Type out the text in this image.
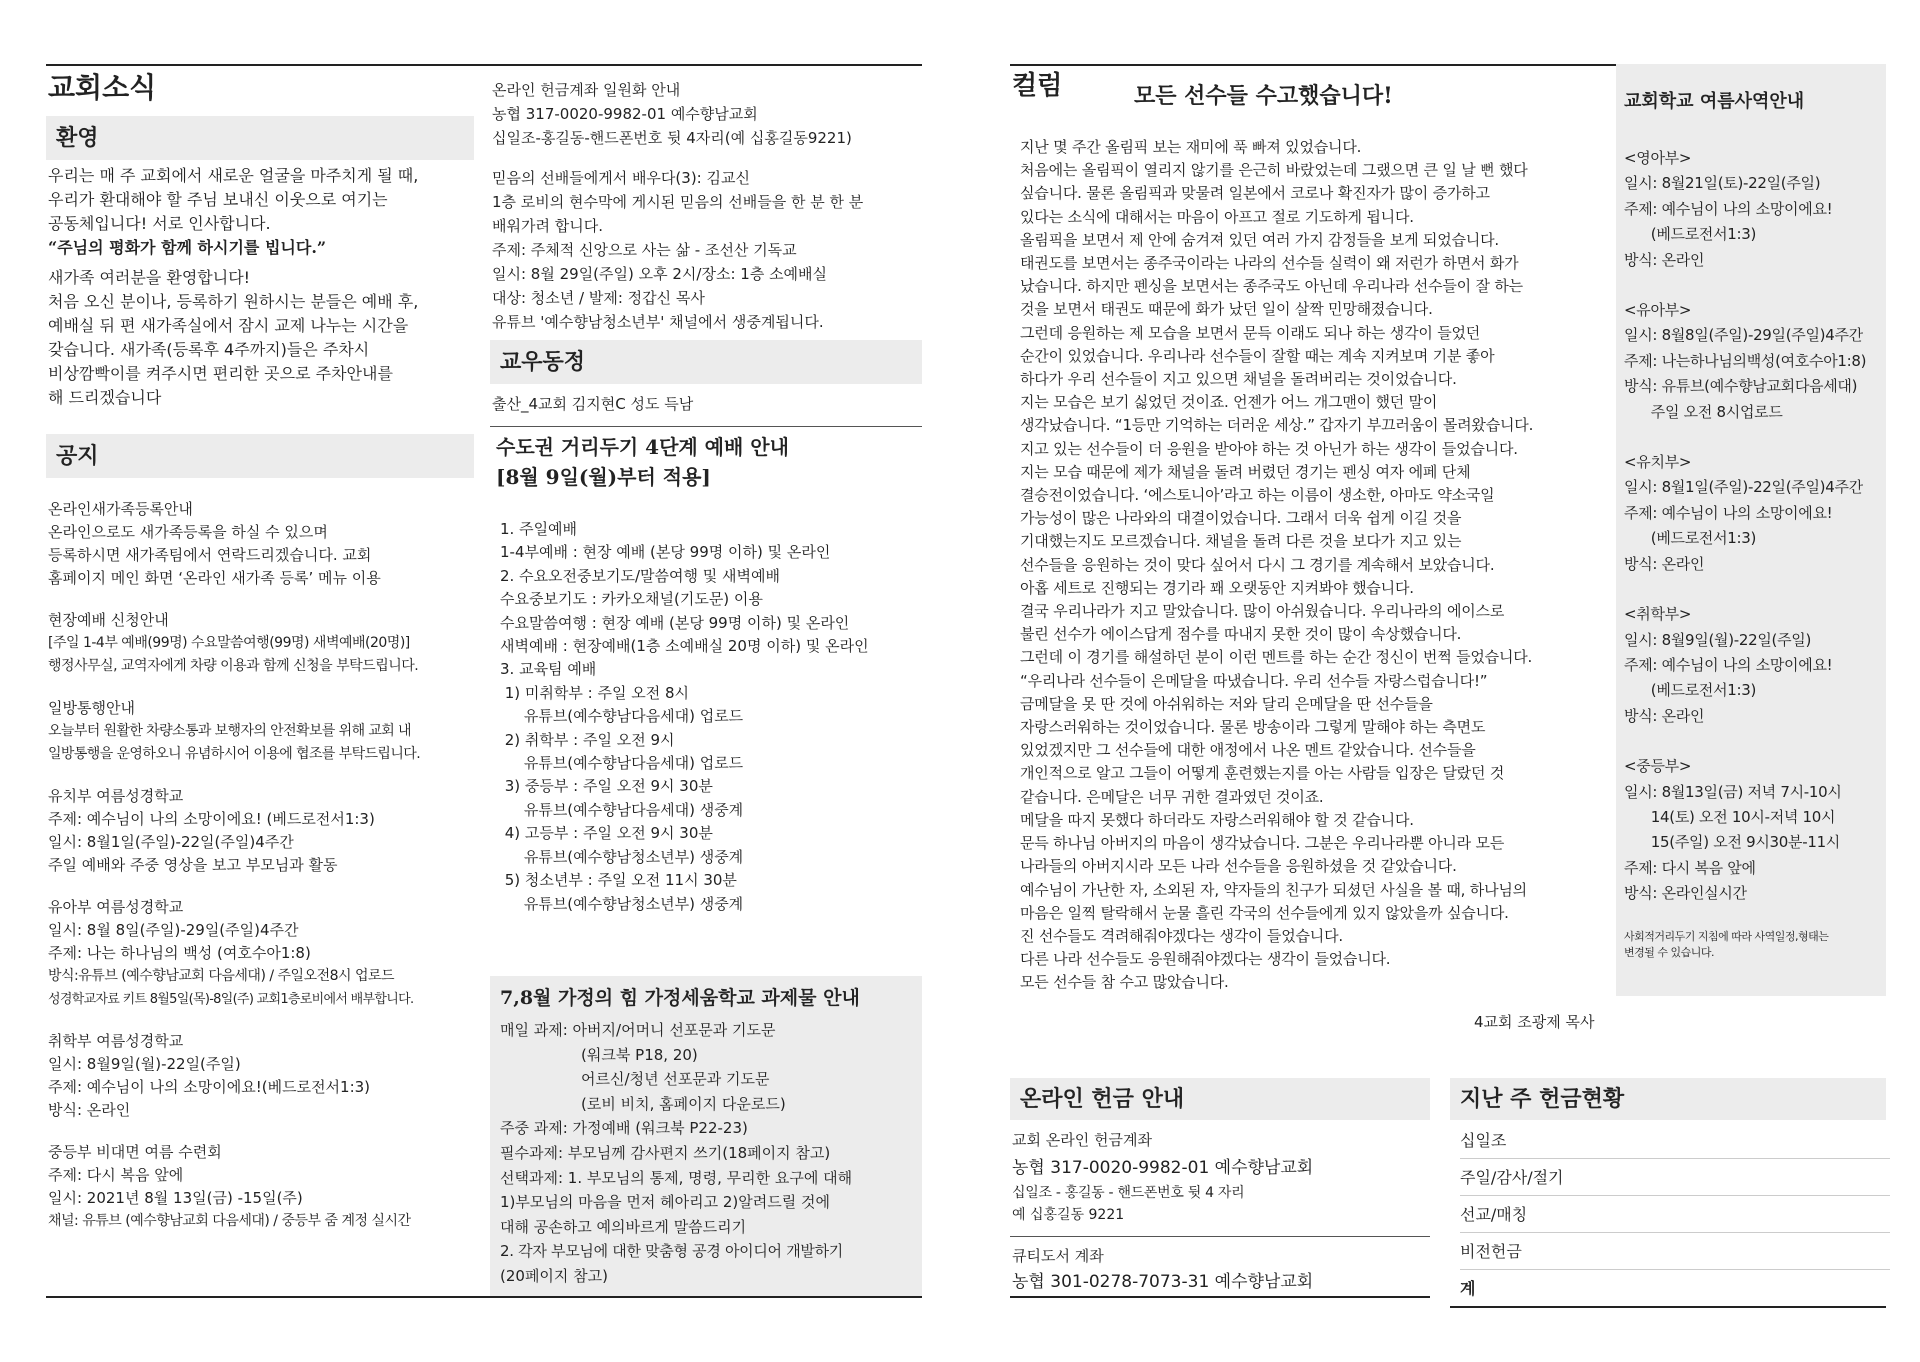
교회소식
환영
우리는 매 주 교회에서 새로운 얼굴을 마주치게 될 때,
우리가 환대해야 할 주님 보내신 이웃으로 여기는
공동체입니다! 서로 인사합니다.
“주님의 평화가 함께 하시기를 빕니다.”
새가족 여러분을 환영합니다!
처음 오신 분이나, 등록하기 원하시는 분들은 예배 후,
예배실 뒤 편 새가족실에서 잠시 교제 나누는 시간을
갖습니다. 새가족(등록후 4주까지)들은 주차시
비상깜빡이를 켜주시면 편리한 곳으로 주차안내를
해 드리겠습니다
공지
온라인새가족등록안내
온라인으로도 새가족등록을 하실 수 있으며
등록하시면 새가족팀에서 연락드리겠습니다. 교회
홈페이지 메인 화면 ‘온라인 새가족 등록’ 메뉴 이용
현장예배 신청안내
[주일 1-4부 예배(99명) 수요말씀여행(99명) 새벽예배(20명)]
행정사무실, 교역자에게 차량 이용과 함께 신청을 부탁드립니다.
일방통행안내
오늘부터 원활한 차량소통과 보행자의 안전확보를 위해 교회 내
일방통행을 운영하오니 유념하시어 이용에 협조를 부탁드립니다.
유치부 여름성경학교
주제: 예수님이 나의 소망이에요! (베드로전서1:3)
일시: 8월1일(주일)-22일(주일)4주간
주일 예배와 주중 영상을 보고 부모님과 활동
유아부 여름성경학교
일시: 8월 8일(주일)-29일(주일)4주간
주제: 나는 하나님의 백성 (여호수아1:8)
방식:유튜브 (예수향남교회 다음세대) / 주일오전8시 업로드
성경학교자료 키트 8월5일(목)-8일(주) 교회1층로비에서 배부합니다.
취학부 여름성경학교
일시: 8월9일(월)-22일(주일)
주제: 예수님이 나의 소망이에요!(베드로전서1:3)
방식: 온라인
중등부 비대면 여름 수련회
주제: 다시 복음 앞에
일시: 2021년 8월 13일(금) -15일(주)
채널: 유튜브 (예수향남교회 다음세대) / 중등부 줌 계정 실시간
온라인 헌금계좌 일원화 안내
농협 317-0020-9982-01 예수향남교회
십일조-홍길동-핸드폰번호 뒷 4자리(예 십홍길동9221)
믿음의 선배들에게서 배우다(3): 김교신
1층 로비의 현수막에 게시된 믿음의 선배들을 한 분 한 분
배워가려 합니다.
주제: 주체적 신앙으로 사는 삶 - 조선산 기독교
일시: 8월 29일(주일) 오후 2시/장소: 1층 소예배실
대상: 청소년 / 발제: 정갑신 목사
유튜브 '예수향남청소년부' 채널에서 생중계됩니다.
교우동정
출산_4교회 김지현C 성도 득남
수도권 거리두기 4단계 예배 안내
[8월 9일(월)부터 적용]
1. 주일예배
1-4부예배 : 현장 예배 (본당 99명 이하) 및 온라인
2. 수요오전중보기도/말씀여행 및 새벽예배
수요중보기도 : 카카오채널(기도문) 이용
수요말씀여행 : 현장 예배 (본당 99명 이하) 및 온라인
새벽예배 : 현장예배(1층 소예배실 20명 이하) 및 온라인
3. 교육팀 예배
1) 미취학부 : 주일 오전 8시
유튜브(예수향남다음세대) 업로드
2) 취학부 : 주일 오전 9시
유튜브(예수향남다음세대) 업로드
3) 중등부 : 주일 오전 9시 30분
유튜브(예수향남다음세대) 생중계
4) 고등부 : 주일 오전 9시 30분
유튜브(예수향남청소년부) 생중계
5) 청소년부 : 주일 오전 11시 30분
유튜브(예수향남청소년부) 생중계
7,8월 가정의 힘 가정세움학교 과제물 안내
매일 과제: 아버지/어머니 선포문과 기도문
(워크북 P18, 20)
어르신/청년 선포문과 기도문
(로비 비치, 홈페이지 다운로드)
주중 과제: 가정예배 (워크북 P22-23)
필수과제: 부모님께 감사편지 쓰기(18페이지 참고)
선택과제: 1. 부모님의 통제, 명령, 무리한 요구에 대해
1)부모님의 마음을 먼저 헤아리고 2)알려드릴 것에
대해 공손하고 예의바르게 말씀드리기
2. 각자 부모님에 대한 맞춤형 공경 아이디어 개발하기
(20페이지 참고)
컬럼	모든 선수들 수고했습니다!
지난 몇 주간 올림픽 보는 재미에 푹 빠져 있었습니다.
처음에는 올림픽이 열리지 않기를 은근히 바랐었는데 그랬으면 큰 일 날 뻔 했다
싶습니다. 물론 올림픽과 맞물려 일본에서 코로나 확진자가 많이 증가하고
있다는 소식에 대해서는 마음이 아프고 절로 기도하게 됩니다.
올림픽을 보면서 제 안에 숨겨져 있던 여러 가지 감정들을 보게 되었습니다.
태권도를 보면서는 종주국이라는 나라의 선수들 실력이 왜 저런가 하면서 화가
났습니다. 하지만 펜싱을 보면서는 종주국도 아닌데 우리나라 선수들이 잘 하는
것을 보면서 태권도 때문에 화가 났던 일이 살짝 민망해졌습니다.
그런데 응원하는 제 모습을 보면서 문득 이래도 되나 하는 생각이 들었던
순간이 있었습니다. 우리나라 선수들이 잘할 때는 계속 지켜보며 기분 좋아
하다가 우리 선수들이 지고 있으면 채널을 돌려버리는 것이었습니다.
지는 모습은 보기 싫었던 것이죠. 언젠가 어느 개그맨이 했던 말이
생각났습니다. “1등만 기억하는 더러운 세상.” 갑자기 부끄러움이 몰려왔습니다.
지고 있는 선수들이 더 응원을 받아야 하는 것 아닌가 하는 생각이 들었습니다.
지는 모습 때문에 제가 채널을 돌려 버렸던 경기는 펜싱 여자 에페 단체
결승전이었습니다. ‘에스토니아’라고 하는 이름이 생소한, 아마도 약소국일
가능성이 많은 나라와의 대결이었습니다. 그래서 더욱 쉽게 이길 것을
기대했는지도 모르겠습니다. 채널을 돌려 다른 것을 보다가 지고 있는
선수들을 응원하는 것이 맞다 싶어서 다시 그 경기를 계속해서 보았습니다.
아홉 세트로 진행되는 경기라 꽤 오랫동안 지켜봐야 했습니다.
결국 우리나라가 지고 말았습니다. 많이 아쉬웠습니다. 우리나라의 에이스로
불린 선수가 에이스답게 점수를 따내지 못한 것이 많이 속상했습니다.
그런데 이 경기를 해설하던 분이 이런 멘트를 하는 순간 정신이 번쩍 들었습니다.
“우리나라 선수들이 은메달을 따냈습니다. 우리 선수들 자랑스럽습니다!”
금메달을 못 딴 것에 아쉬워하는 저와 달리 은메달을 딴 선수들을
자랑스러워하는 것이었습니다. 물론 방송이라 그렇게 말해야 하는 측면도
있었겠지만 그 선수들에 대한 애정에서 나온 멘트 같았습니다. 선수들을
개인적으로 알고 그들이 어떻게 훈련했는지를 아는 사람들 입장은 달랐던 것
같습니다. 은메달은 너무 귀한 결과였던 것이죠.
메달을 따지 못했다 하더라도 자랑스러워해야 할 것 같습니다.
문득 하나님 아버지의 마음이 생각났습니다. 그분은 우리나라뿐 아니라 모든
나라들의 아버지시라 모든 나라 선수들을 응원하셨을 것 같았습니다.
예수님이 가난한 자, 소외된 자, 약자들의 친구가 되셨던 사실을 볼 때, 하나님의
마음은 일찍 탈락해서 눈물 흘린 각국의 선수들에게 있지 않았을까 싶습니다.
진 선수들도 격려해줘야겠다는 생각이 들었습니다.
다른 나라 선수들도 응원해줘야겠다는 생각이 들었습니다.
모든 선수들 참 수고 많았습니다.
4교회 조광제 목사
교회학교 여름사역안내
<영아부>
일시: 8월21일(토)-22일(주일)
주제: 예수님이 나의 소망이에요!
(베드로전서1:3)
방식: 온라인
<유아부>
일시: 8월8일(주일)-29일(주일)4주간
주제: 나는하나님의백성(여호수아1:8)
방식: 유튜브(예수향남교회다음세대)
주일 오전 8시업로드
<유치부>
일시: 8월1일(주일)-22일(주일)4주간
주제: 예수님이 나의 소망이에요!
(베드로전서1:3)
방식: 온라인
<취학부>
일시: 8월9일(월)-22일(주일)
주제: 예수님이 나의 소망이에요!
(베드로전서1:3)
방식: 온라인
<중등부>
일시: 8월13일(금) 저녁 7시-10시
14(토) 오전 10시-저녁 10시
15(주일) 오전 9시30분-11시
주제: 다시 복음 앞에
방식: 온라인실시간
사회적거리두기 지침에 따라 사역일정,형태는
변경될 수 있습니다.
온라인 헌금 안내
교회 온라인 헌금계좌
농협 317-0020-9982-01 예수향남교회
십일조 - 홍길동 - 핸드폰번호 뒷 4 자리
예 십홍길동 9221
큐티도서 계좌
농협 301-0278-7073-31 예수향남교회
지난 주 헌금현황
십일조
주일/감사/절기
선교/매칭
비전헌금
계
